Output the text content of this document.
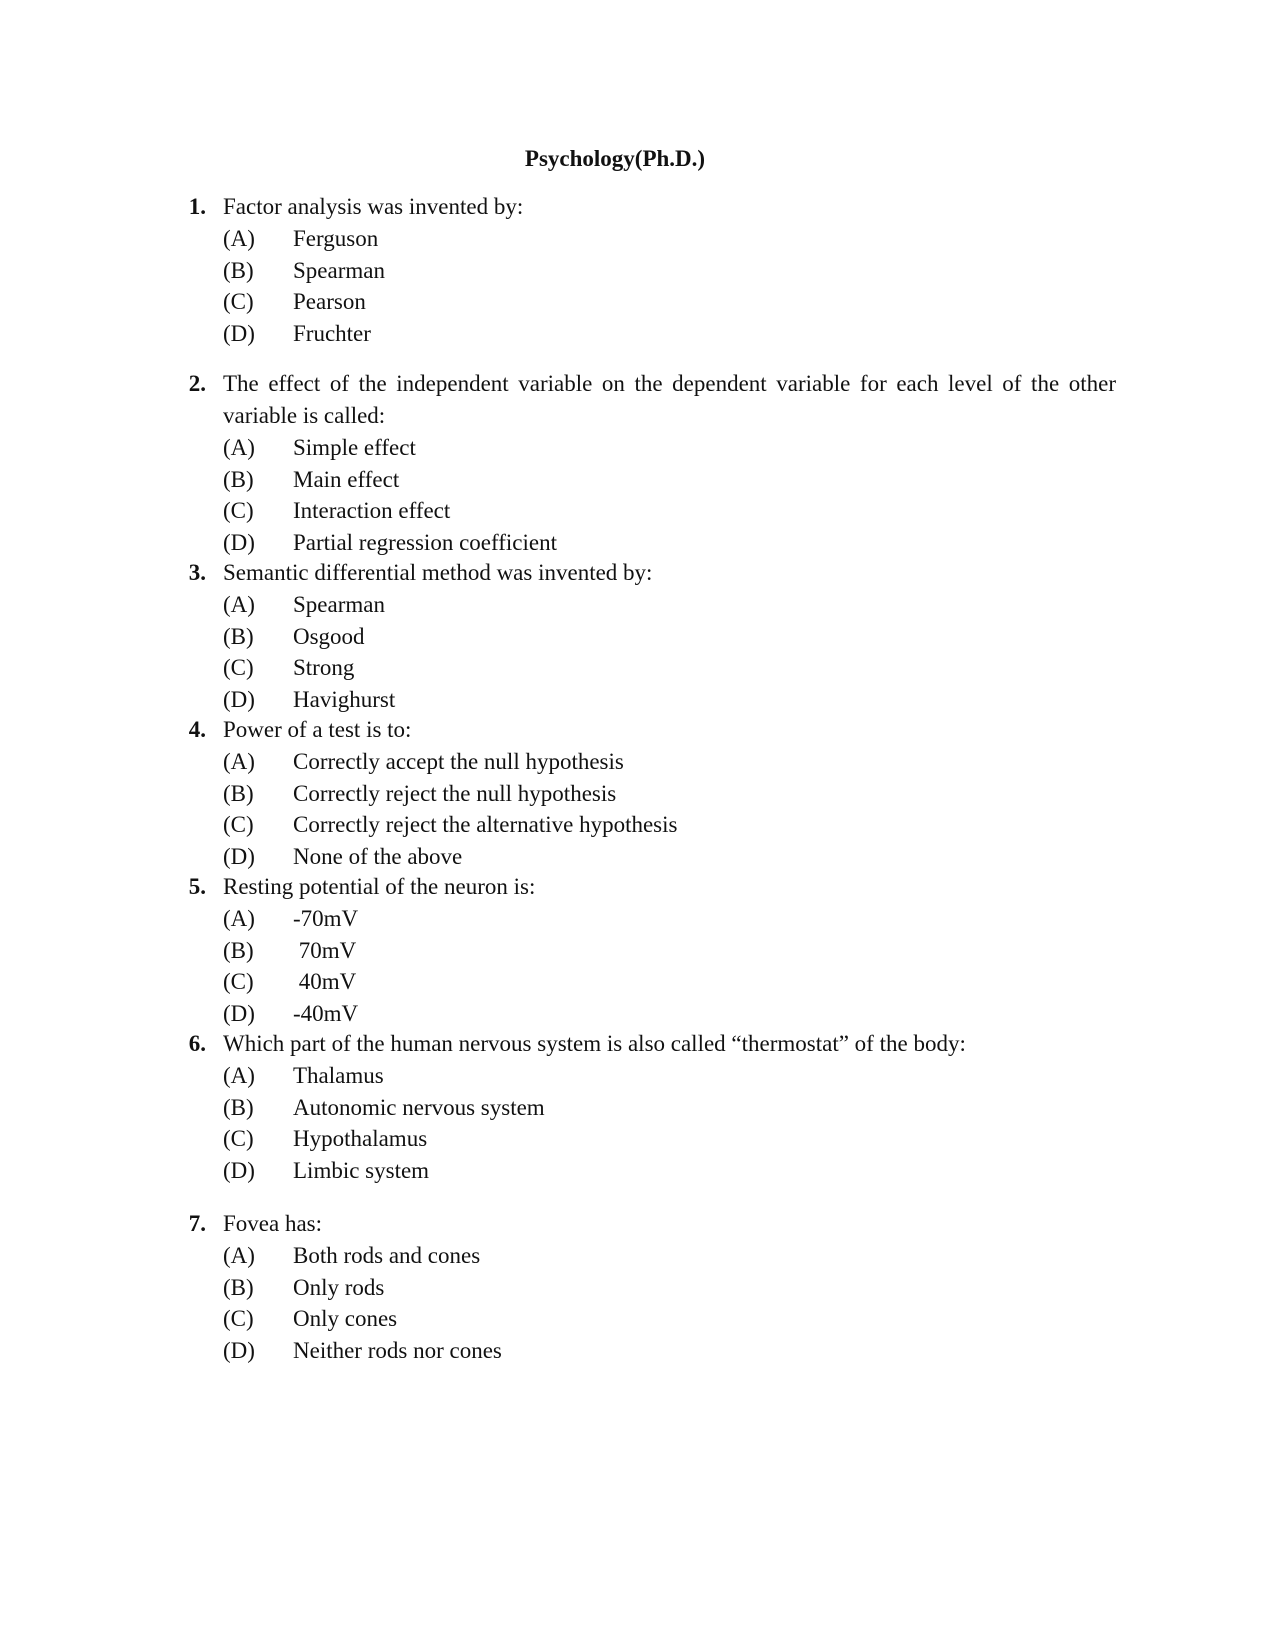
Psychology(Ph.D.)
1. Factor analysis was invented by:
(A) Ferguson
(B) Spearman
(C) Pearson
(D) Fruchter
2. The effect of the independent variable on the dependent variable for each level of the other variable is called:
(A) Simple effect
(B) Main effect
(C) Interaction effect
(D) Partial regression coefficient
3. Semantic differential method was invented by:
(A) Spearman
(B) Osgood
(C) Strong
(D) Havighurst
4. Power of a test is to:
(A) Correctly accept the null hypothesis
(B) Correctly reject the null hypothesis
(C) Correctly reject the alternative hypothesis
(D) None of the above
5. Resting potential of the neuron is:
(A) -70mV
(B) 70mV
(C) 40mV
(D) -40mV
6. Which part of the human nervous system is also called “thermostat” of the body:
(A) Thalamus
(B) Autonomic nervous system
(C) Hypothalamus
(D) Limbic system
7. Fovea has:
(A) Both rods and cones
(B) Only rods
(C) Only cones
(D) Neither rods nor cones
